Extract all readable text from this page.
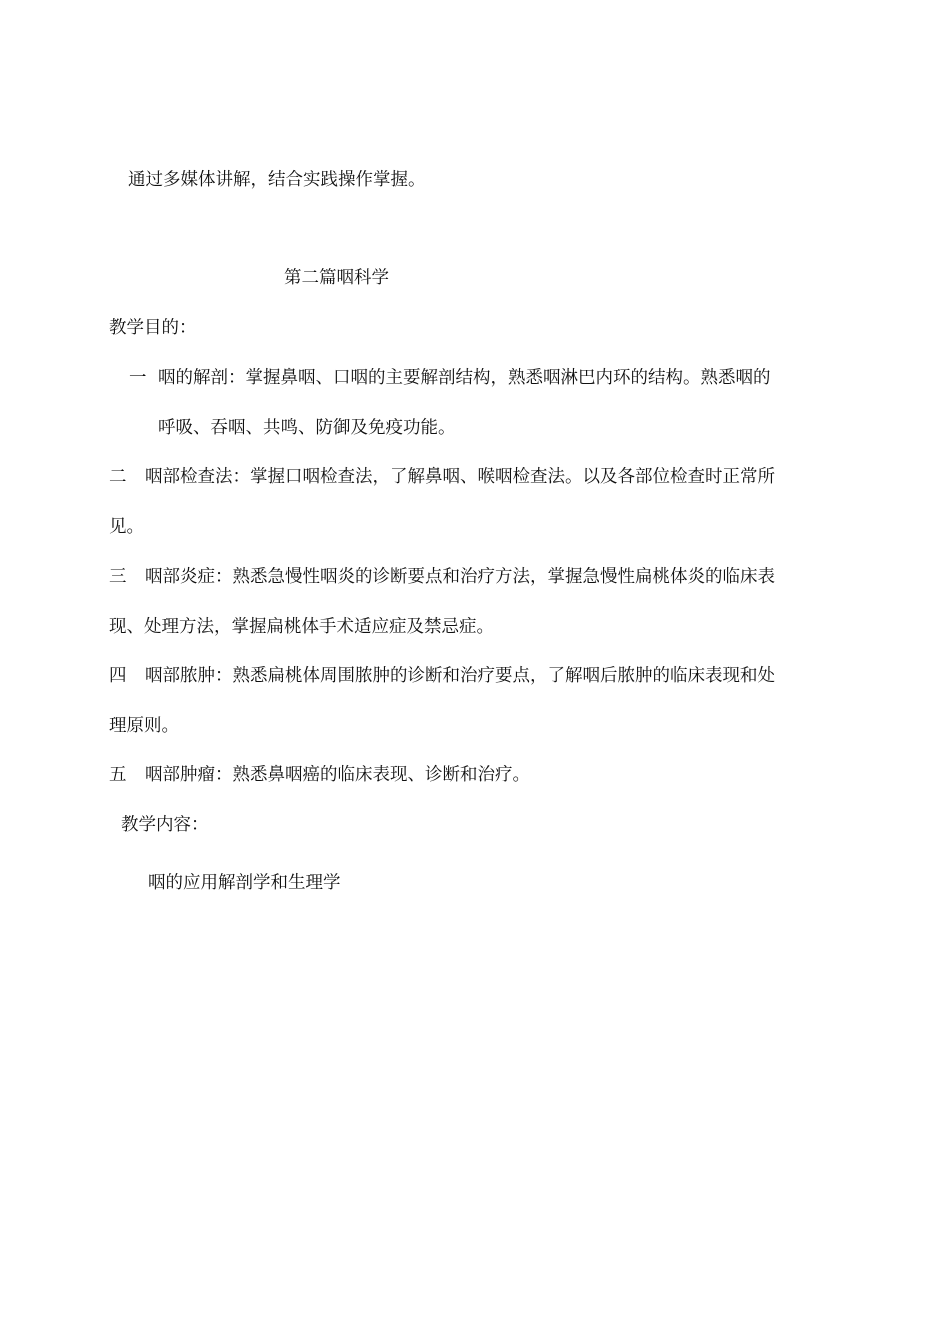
通过多媒体讲解，结合实践操作掌握。
第二篇咽科学
教学目的：
一 咽的解剖：掌握鼻咽、口咽的主要解剖结构，熟悉咽淋巴内环的结构。熟悉咽的
呼吸、吞咽、共鸣、防御及免疫功能。
二 咽部检查法：掌握口咽检查法，了解鼻咽、喉咽检查法。以及各部位检查时正常所
见。
三 咽部炎症：熟悉急慢性咽炎的诊断要点和治疗方法，掌握急慢性扁桃体炎的临床表
现、处理方法，掌握扁桃体手术适应症及禁忌症。
四 咽部脓肿：熟悉扁桃体周围脓肿的诊断和治疗要点，了解咽后脓肿的临床表现和处
理原则。
五 咽部肿瘤：熟悉鼻咽癌的临床表现、诊断和治疗。
教学内容：
咽的应用解剖学和生理学
